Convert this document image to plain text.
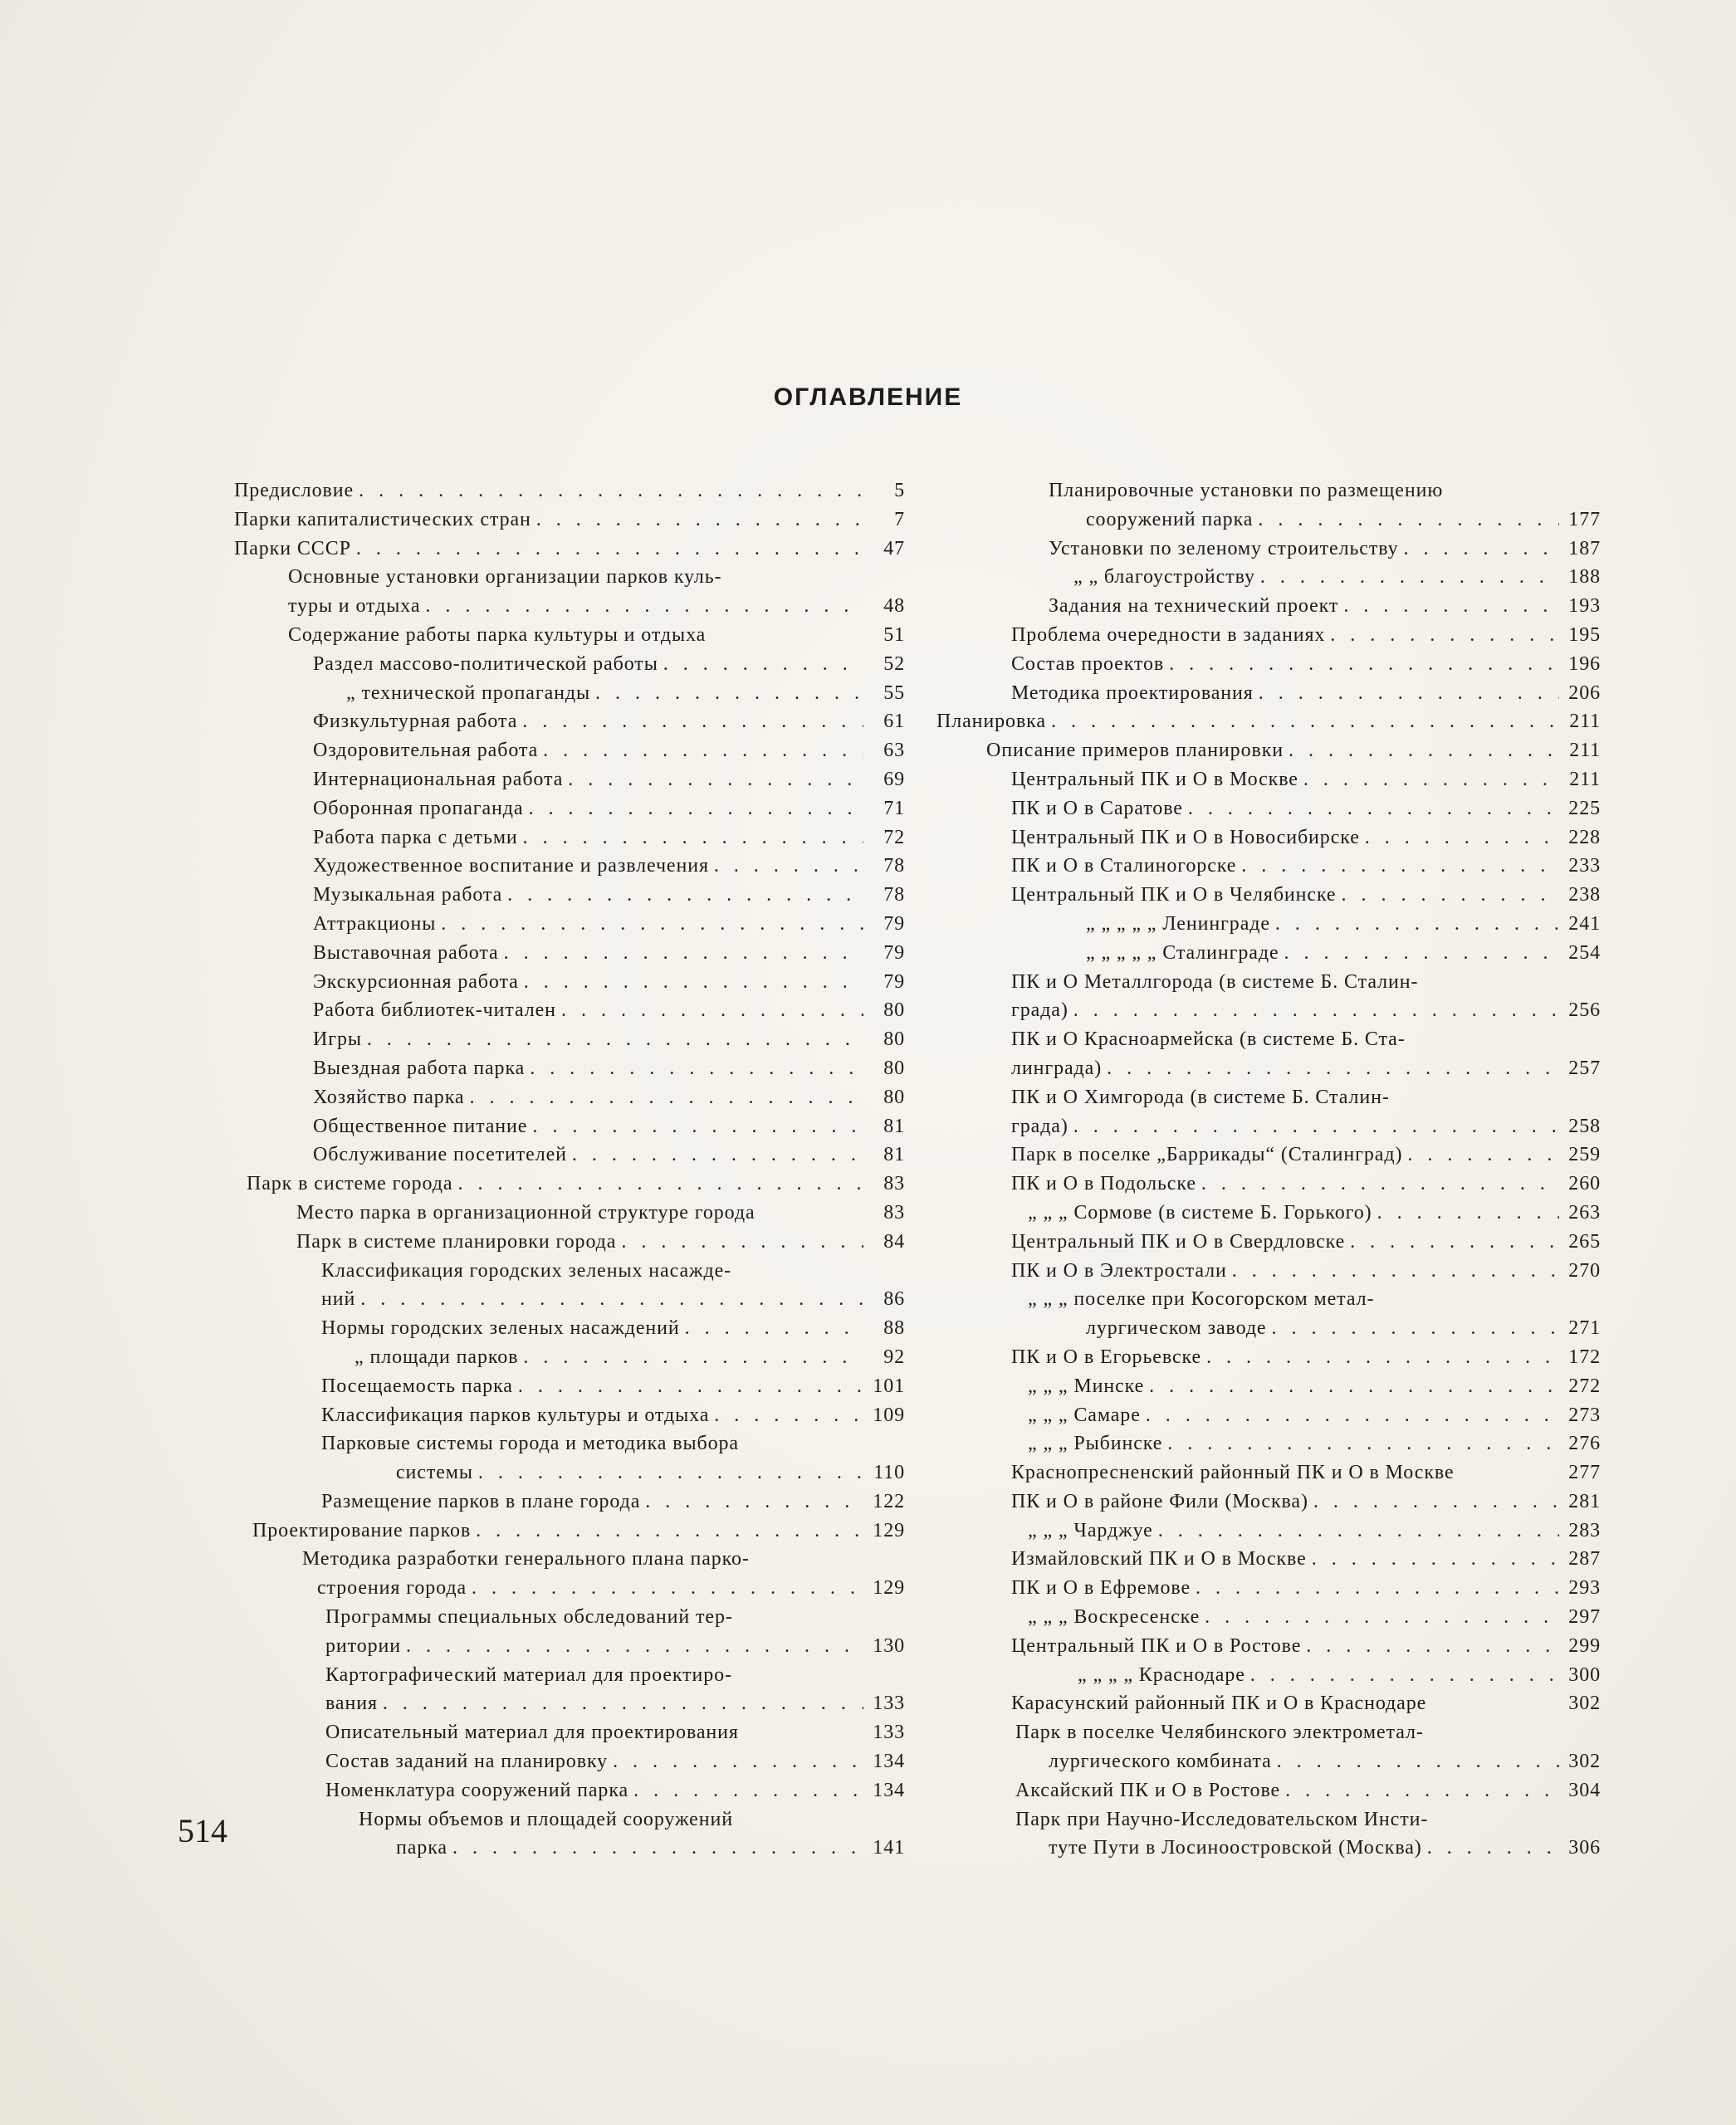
ОГЛАВЛЕНИЕ
Предисловие . . .	5
Парки капиталистических стран . . .	7
Парки СССР . . .	47
Основные установки организации парков куль-
туры и отдыха . . .	48
Содержание работы парка культуры и отдыха	51
Раздел массово-политической работы . . .	52
„ технической пропаганды . . .	55
Физкультурная работа . . .	61
Оздоровительная работа . . .	63
Интернациональная работа . . .	69
Оборонная пропаганда . . .	71
Работа парка с детьми . . .	72
Художественное воспитание и развлечения . . .	78
Музыкальная работа . . .	78
Аттракционы . . .	79
Выставочная работа . . .	79
Экскурсионная работа . . .	79
Работа библиотек-читален . . .	80
Игры . . .	80
Выездная работа парка . . .	80
Хозяйство парка . . .	80
Общественное питание . . .	81
Обслуживание посетителей . . .	81
Парк в системе города . . .	83
Место парка в организационной структуре города	83
Парк в системе планировки города . . .	84
Классификация городских зеленых насажде-
ний . . .	86
Нормы городских зеленых насаждений . . .	88
„ площади парков . . .	92
Посещаемость парка . . .	101
Классификация парков культуры и отдыха . . .	109
Парковые системы города и методика выбора
системы . . .	110
Размещение парков в плане города . . .	122
Проектирование парков . . .	129
Методика разработки генерального плана парко-
строения города . . .	129
Программы специальных обследований тер-
ритории . . .	130
Картографический материал для проектиро-
вания . . .	133
Описательный материал для проектирования	133
Состав заданий на планировку . . .	134
Номенклатура сооружений парка . . .	134
Нормы объемов и площадей сооружений
парка . . .	141
Планировочные установки по размещению
сооружений парка . . .	177
Установки по зеленому строительству . . .	187
„ „ благоустройству . . .	188
Задания на технический проект . . .	193
Проблема очередности в заданиях . . .	195
Состав проектов . . .	196
Методика проектирования . . .	206
Планировка . . .	211
Описание примеров планировки . . .	211
Центральный ПК и О в Москве . . .	211
ПК и О в Саратове . . .	225
Центральный ПК и О в Новосибирске . . .	228
ПК и О в Сталиногорске . . .	233
Центральный ПК и О в Челябинске . . .	238
„ „ „ „ „ Ленинграде . . .	241
„ „ „ „ „ Сталинграде . . .	254
ПК и О Металлгорода (в системе Б. Сталин-
града) . . .	256
ПК и О Красноармейска (в системе Б. Ста-
линграда) . . .	257
ПК и О Химгорода (в системе Б. Сталин-
града) . . .	258
Парк в поселке „Баррикады“ (Сталинград) . . .	259
ПК и О в Подольске . . .	260
„ „ „ Сормове (в системе Б. Горького) . . .	263
Центральный ПК и О в Свердловске . . .	265
ПК и О в Электростали . . .	270
„ „ „ поселке при Косогорском метал-
лургическом заводе . . .	271
ПК и О в Егорьевске . . .	172
„ „ „ Минске . . .	272
„ „ „ Самаре . . .	273
„ „ „ Рыбинске . . .	276
Краснопресненский районный ПК и О в Москве	277
ПК и О в районе Фили (Москва) . . .	281
„ „ „ Чарджуе . . .	283
Измайловский ПК и О в Москве . . .	287
ПК и О в Ефремове . . .	293
„ „ „ Воскресенске . . .	297
Центральный ПК и О в Ростове . . .	299
„ „ „ „ Краснодаре . . .	300
Карасунский районный ПК и О в Краснодаре	302
Парк в поселке Челябинского электрометал-
лургического комбината . . .	302
Аксайский ПК и О в Ростове . . .	304
Парк при Научно-Исследовательском Инсти-
туте Пути в Лосиноостровской (Москва) . . .	306
514
